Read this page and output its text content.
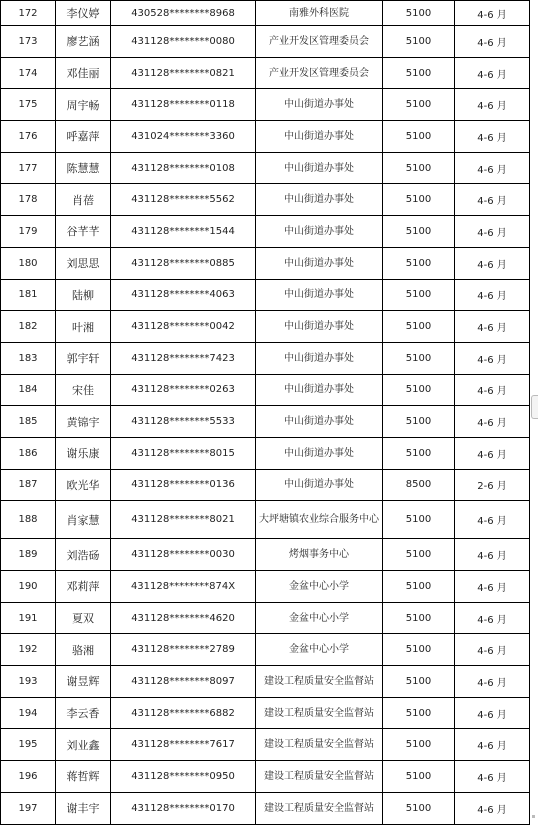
172	李仪婷	430528********8968	南雅外科医院	5100	4-6 月
173	廖艺涵	431128********0080	产业开发区管理委员会	5100	4-6 月
174	邓佳丽	431128********0821	产业开发区管理委员会	5100	4-6 月
175	周宇畅	431128********0118	中山街道办事处	5100	4-6 月
176	呼嘉萍	431024********3360	中山街道办事处	5100	4-6 月
177	陈慧慧	431128********0108	中山街道办事处	5100	4-6 月
178	肖蓓	431128********5562	中山街道办事处	5100	4-6 月
179	谷芊芊	431128********1544	中山街道办事处	5100	4-6 月
180	刘思思	431128********0885	中山街道办事处	5100	4-6 月
181	陆柳	431128********4063	中山街道办事处	5100	4-6 月
182	叶湘	431128********0042	中山街道办事处	5100	4-6 月
183	郭宇轩	431128********7423	中山街道办事处	5100	4-6 月
184	宋佳	431128********0263	中山街道办事处	5100	4-6 月
185	黄锦宇	431128********5533	中山街道办事处	5100	4-6 月
186	谢乐康	431128********8015	中山街道办事处	5100	4-6 月
187	欧光华	431128********0136	中山街道办事处	8500	2-6 月
188	肖家慧	431128********8021	大坪塘镇农业综合服务中心	5100	4-6 月
189	刘浩砀	431128********0030	烤烟事务中心	5100	4-6 月
190	邓莉萍	431128********874X	金盆中心小学	5100	4-6 月
191	夏双	431128********4620	金盆中心小学	5100	4-6 月
192	骆湘	431128********2789	金盆中心小学	5100	4-6 月
193	谢昱辉	431128********8097	建设工程质量安全监督站	5100	4-6 月
194	李云香	431128********6882	建设工程质量安全监督站	5100	4-6 月
195	刘业鑫	431128********7617	建设工程质量安全监督站	5100	4-6 月
196	蒋哲辉	431128********0950	建设工程质量安全监督站	5100	4-6 月
197	谢丰宇	431128********0170	建设工程质量安全监督站	5100	4-6 月
